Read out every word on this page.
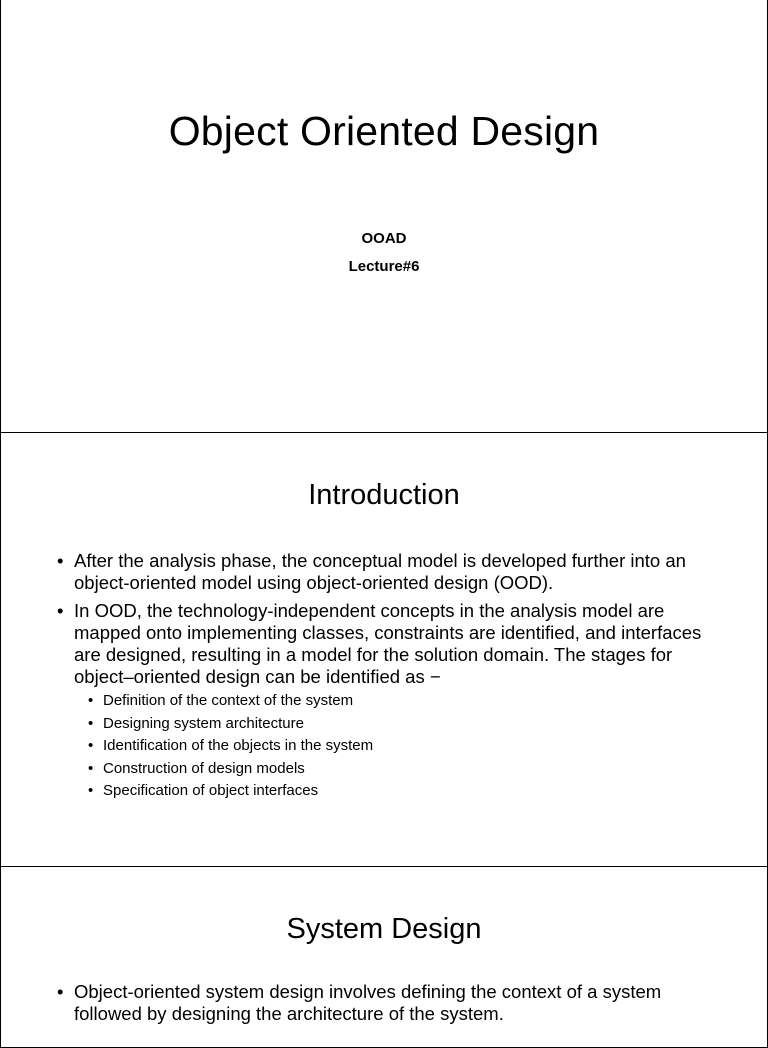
Object Oriented Design
OOAD
Lecture#6
Introduction
• After the analysis phase, the conceptual model is developed further into an object-oriented model using object-oriented design (OOD).
• In OOD, the technology-independent concepts in the analysis model are mapped onto implementing classes, constraints are identified, and interfaces are designed, resulting in a model for the solution domain. The stages for object–oriented design can be identified as −
• Definition of the context of the system
• Designing system architecture
• Identification of the objects in the system
• Construction of design models
• Specification of object interfaces
System Design
• Object-oriented system design involves defining the context of a system followed by designing the architecture of the system.
